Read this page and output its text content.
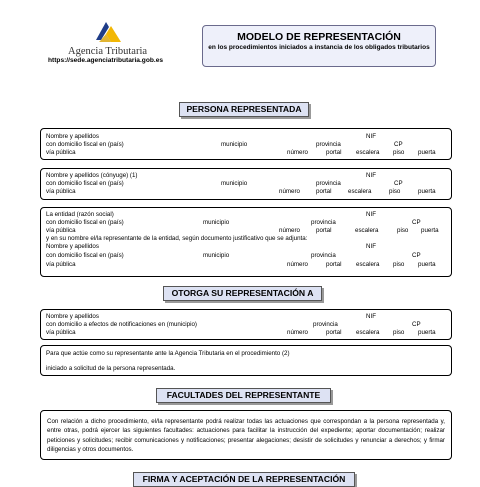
Agencia Tributaria
https://sede.agenciatributaria.gob.es
MODELO DE REPRESENTACIÓN
en los procedimientos iniciados a instancia de los obligados tributarios
PERSONA REPRESENTADA
Nombre y apellidos	NIF
con domicilio fiscal en (país)	municipio	provincia	CP
vía pública	número	portal escalera piso puerta
Nombre y apellidos (cónyuge) (1)	NIF
con domicilio fiscal en (país)	municipio	provincia	CP
vía pública	número	portal	escalera	piso	puerta
La entidad (razón social)	NIF
con domicilio fiscal en (país)	municipio	provincia	CP
vía pública	número	portal	escalera	piso puerta
y en su nombre el/la representante de la entidad, según documento justificativo que se adjunta:
Nombre y apellidos	NIF
con domicilio fiscal en (país)	municipio	provincia	CP
vía pública	número	portal escalera piso puerta
OTORGA SU REPRESENTACIÓN A
Nombre y apellidos	NIF
con domicilio a efectos de notificaciones en (municipio)	provincia	CP
vía pública	número	portal escalera piso puerta
Para que actúe como su representante ante la Agencia Tributaria en el procedimiento (2)
iniciado a solicitud de la persona representada.
FACULTADES DEL REPRESENTANTE
Con relación a dicho procedimiento, el/la representante podrá realizar todas las actuaciones que correspondan a la persona representada y, entre otras, podrá ejercer las siguientes facultades: actuaciones para facilitar la instrucción del expediente; aportar documentación; realizar peticiones y solicitudes; recibir comunicaciones y notificaciones; presentar alegaciones; desistir de solicitudes y renunciar a derechos; y firmar diligencias y otros documentos.
FIRMA Y ACEPTACIÓN DE LA REPRESENTACIÓN
